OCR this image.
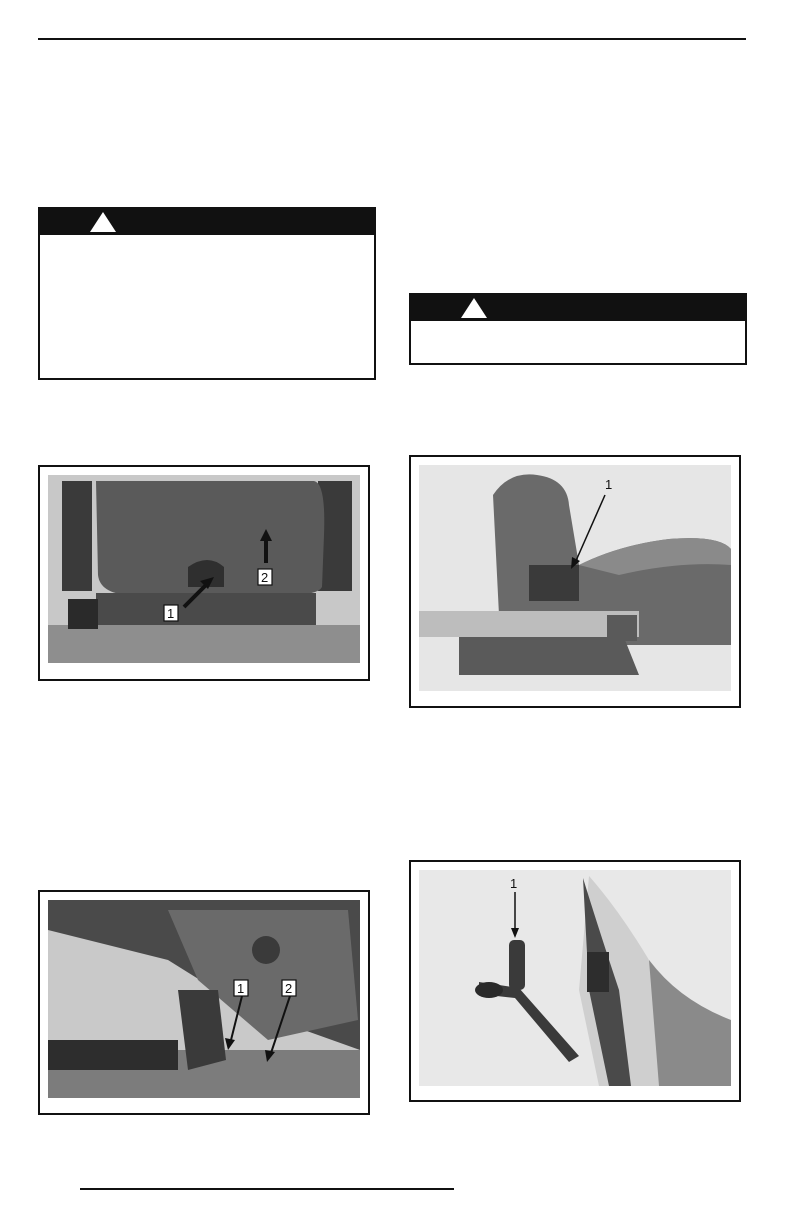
1
2
1	2
1
1
